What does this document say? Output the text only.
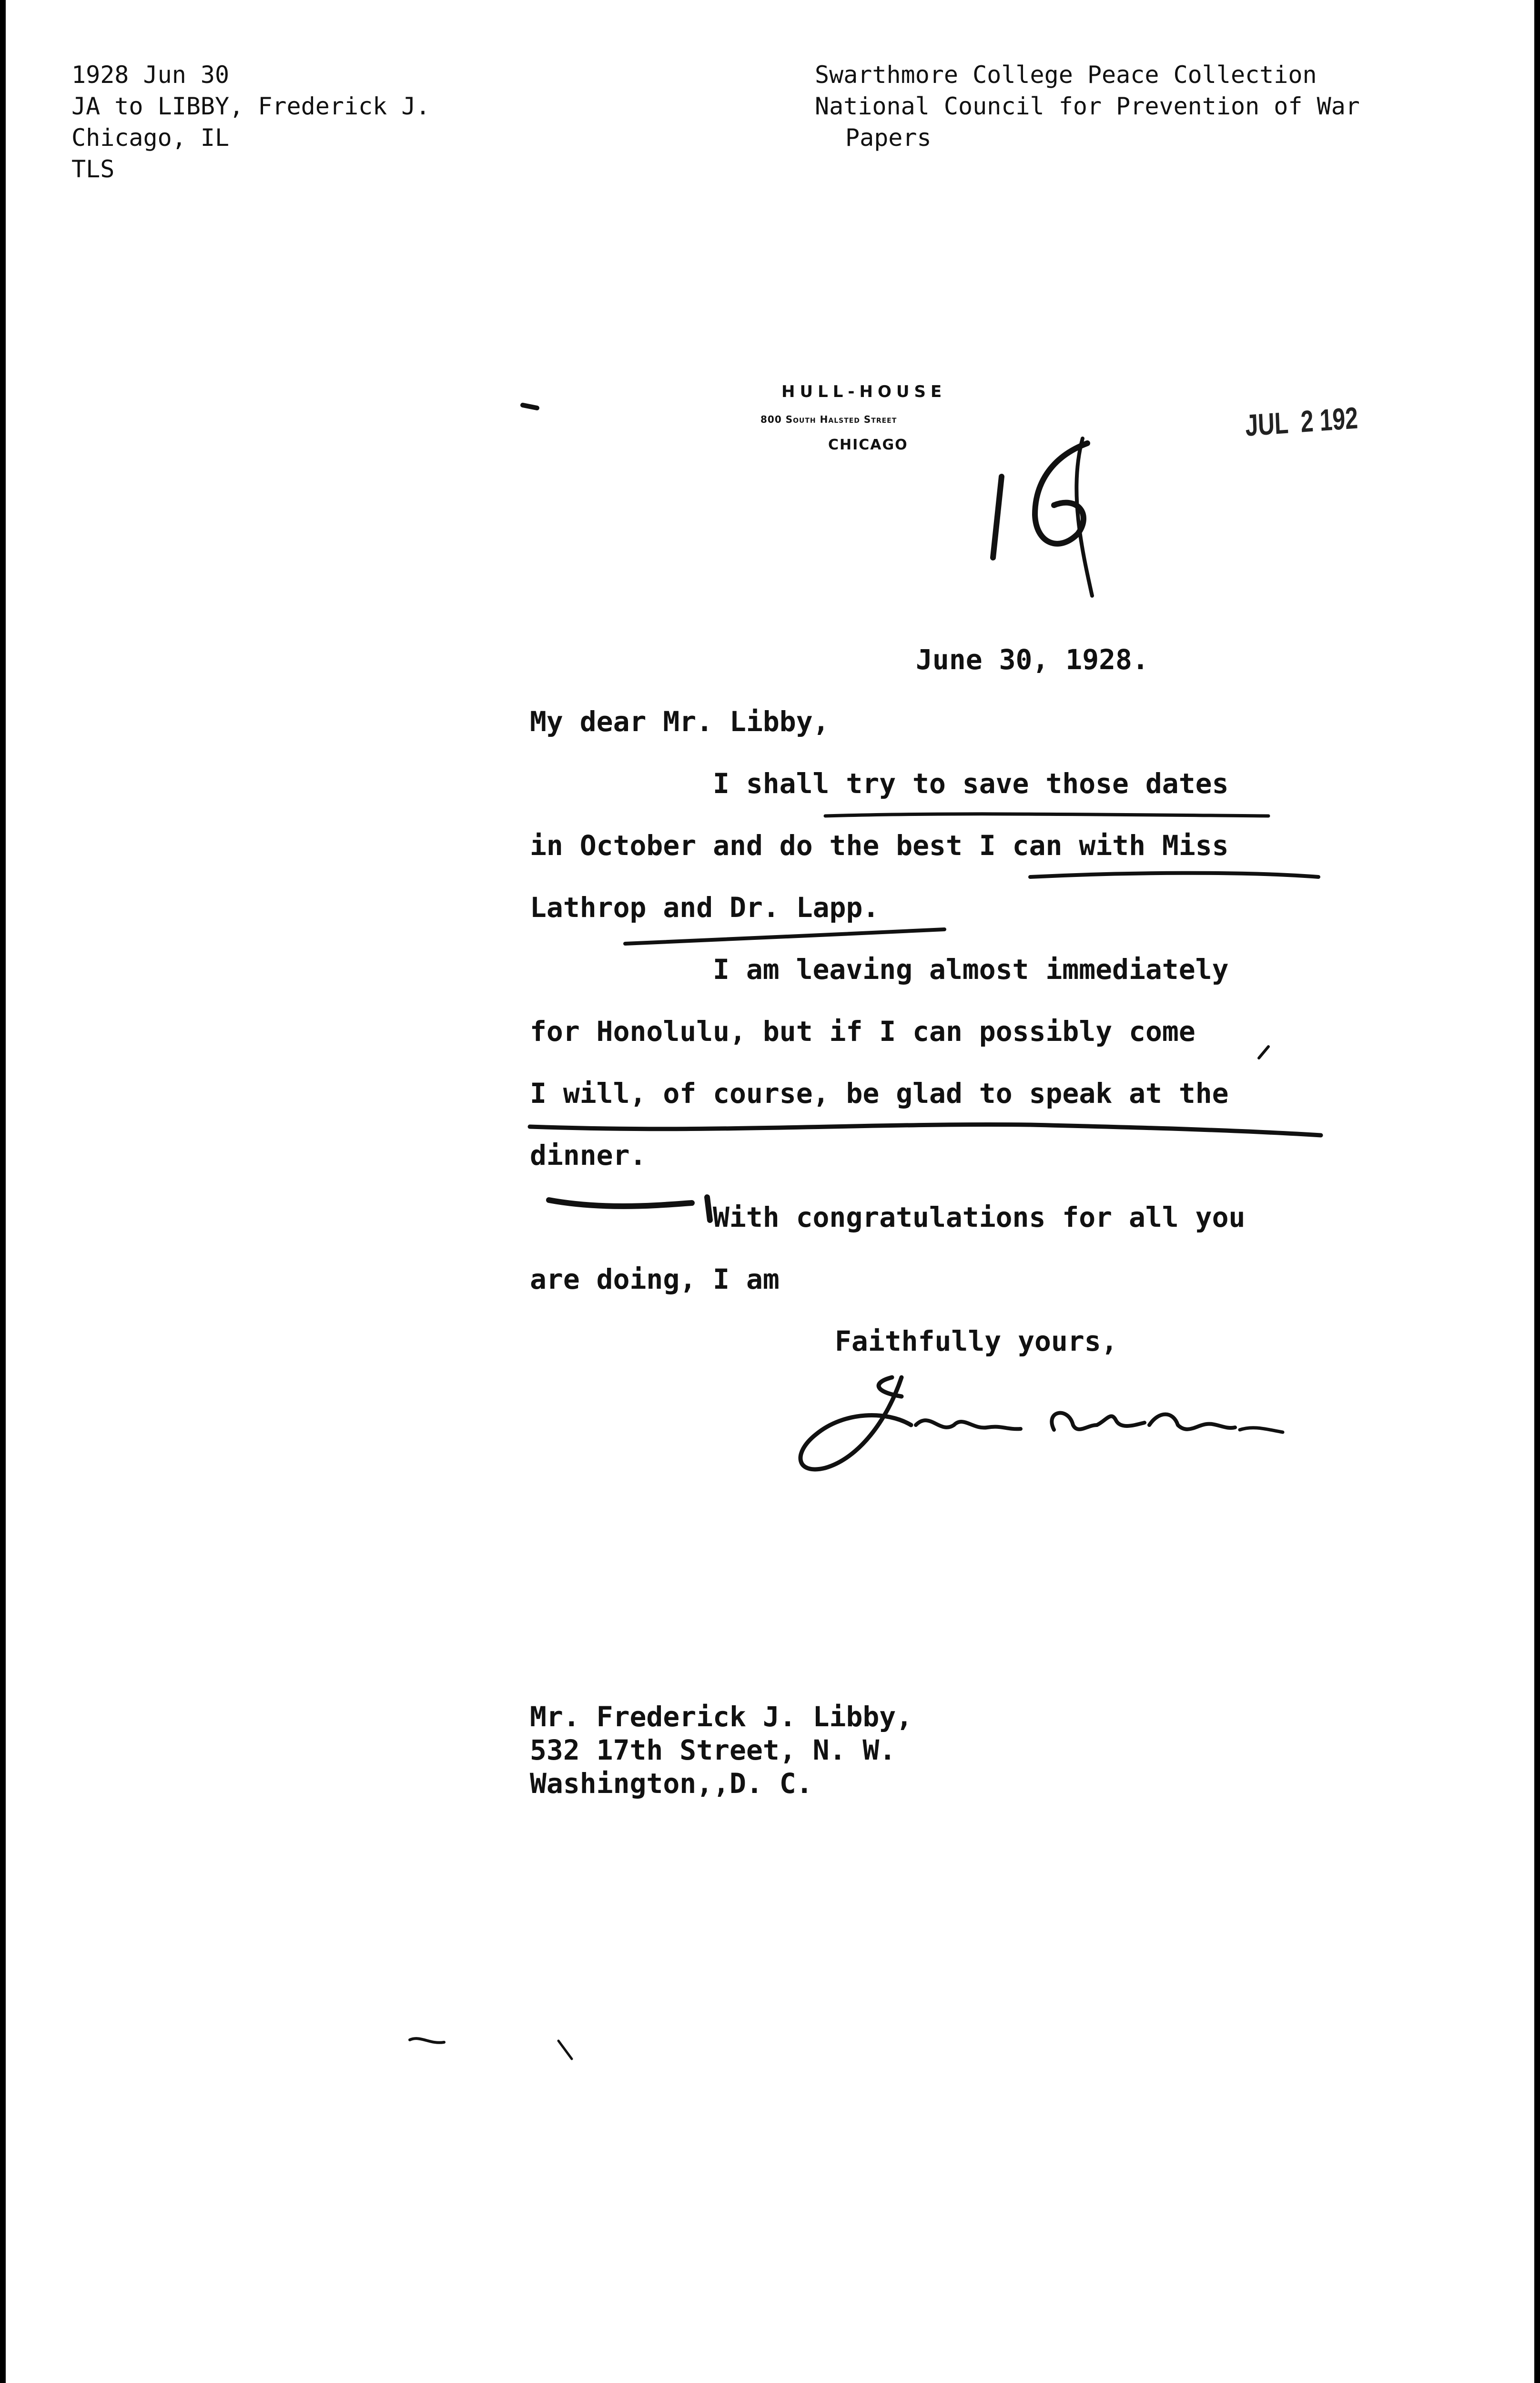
1928 Jun 30
JA to LIBBY, Frederick J.
Chicago, IL
TLS
Swarthmore College Peace Collection
National Council for Prevention of War
Papers
HULL-HOUSE
800 South Halsted Street
CHICAGO
JUL  2 192
June 30, 1928.
My dear Mr. Libby,
I shall try to save those dates
in October and do the best I can with Miss
Lathrop and Dr. Lapp.
I am leaving almost immediately
for Honolulu, but if I can possibly come
I will, of course, be glad to speak at the
dinner.
With congratulations for all you
are doing, I am
Faithfully yours,
Mr. Frederick J. Libby,
532 17th Street, N. W.
Washington,,D. C.
